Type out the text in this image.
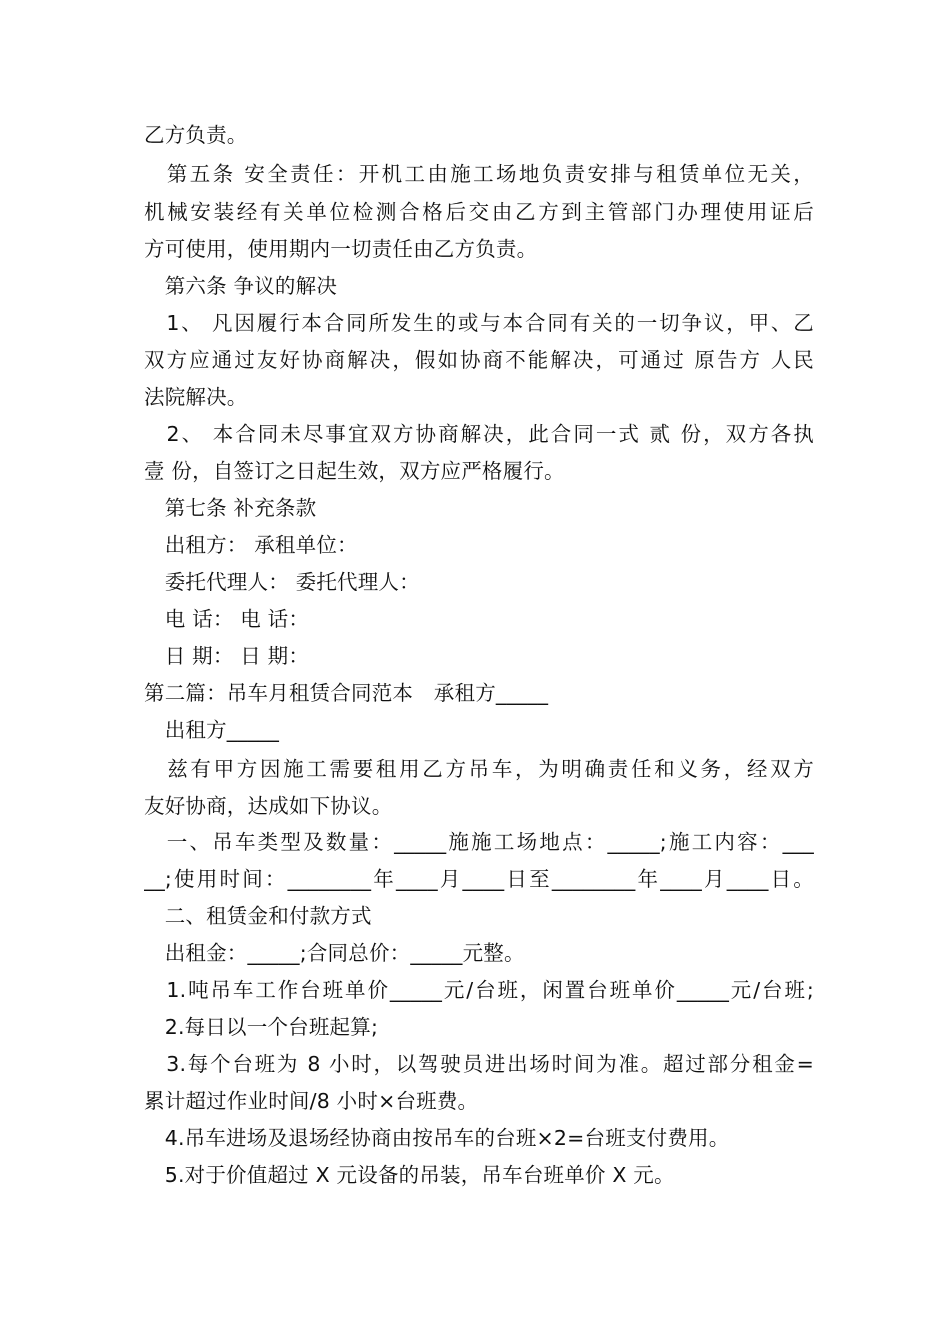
乙方负责。
　第五条 安全责任：开机工由施工场地负责安排与租赁单位无关，
机械安装经有关单位检测合格后交由乙方到主管部门办理使用证后
方可使用，使用期内一切责任由乙方负责。
　第六条 争议的解决
　1、 凡因履行本合同所发生的或与本合同有关的一切争议，甲、乙
双方应通过友好协商解决，假如协商不能解决，可通过 原告方 人民
法院解决。
　2、 本合同未尽事宜双方协商解决，此合同一式 贰 份，双方各执
壹 份，自签订之日起生效，双方应严格履行。
　第七条 补充条款
　出租方： 承租单位：
　委托代理人： 委托代理人：
　电 话： 电 话：
　日 期： 日 期：
第二篇：吊车月租赁合同范本　承租方_____
　出租方_____
　兹有甲方因施工需要租用乙方吊车，为明确责任和义务，经双方
友好协商，达成如下协议。
　一、吊车类型及数量：_____施施工场地点：_____;施工内容：___
__;使用时间：________年____月____日至________年____月____日。
　二、租赁金和付款方式
　出租金：_____;合同总价：_____元整。
　1.吨吊车工作台班单价_____元/台班，闲置台班单价_____元/台班;
　2.每日以一个台班起算;
　3.每个台班为 8 小时，以驾驶员进出场时间为准。超过部分租金=
累计超过作业时间/8 小时×台班费。
　4.吊车进场及退场经协商由按吊车的台班×2=台班支付费用。
　5.对于价值超过 X 元设备的吊装，吊车台班单价 X 元。
